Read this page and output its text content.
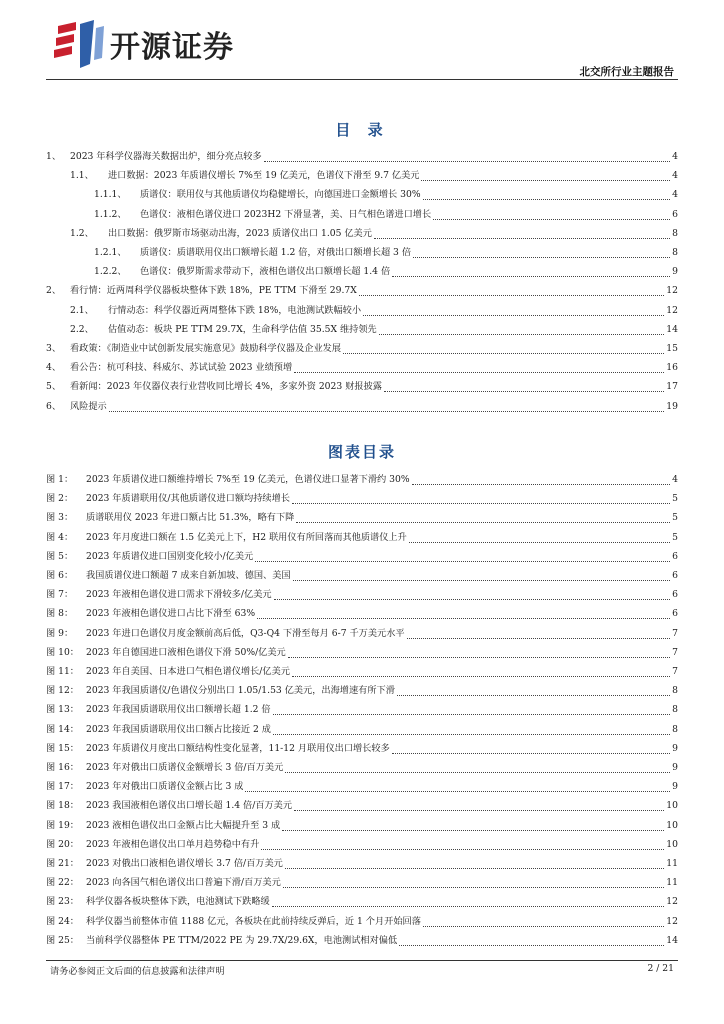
开源证券
北交所行业主题报告
目 录
1、 2023 年科学仪器海关数据出炉，细分亮点较多	4
1.1、	进口数据：2023 年质谱仪增长 7%至 19 亿美元，色谱仪下滑至 9.7 亿美元	4
1.1.1、	质谱仪：联用仪与其他质谱仪均稳健增长，向德国进口金额增长 30%	4
1.1.2、	色谱仪：液相色谱仪进口 2023H2 下滑显著，美、日气相色谱进口增长	6
1.2、	出口数据：俄罗斯市场驱动出海，2023 质谱仪出口 1.05 亿美元	8
1.2.1、	质谱仪：质谱联用仪出口额增长超 1.2 倍，对俄出口额增长超 3 倍	8
1.2.2、	色谱仪：俄罗斯需求带动下，液相色谱仪出口额增长超 1.4 倍	9
2、 看行情：近两周科学仪器板块整体下跌 18%，PE TTM 下滑至 29.7X	12
2.1、	行情动态：科学仪器近两周整体下跌 18%，电池测试跌幅较小	12
2.2、	估值动态：板块 PE TTM 29.7X，生命科学估值 35.5X 维持领先	14
3、 看政策：《制造业中试创新发展实施意见》鼓励科学仪器及企业发展	15
4、 看公告：杭可科技、科威尔、苏试试验 2023 业绩预增	16
5、 看新闻：2023 年仪器仪表行业营收同比增长 4%，多家外资 2023 财报披露	17
6、 风险提示	19
图表目录
图 1：	2023 年质谱仪进口额维持增长 7%至 19 亿美元，色谱仪进口显著下滑约 30%	4
图 2：	2023 年质谱联用仪/其他质谱仪进口额均持续增长	5
图 3：	质谱联用仪 2023 年进口额占比 51.3%，略有下降	5
图 4：	2023 年月度进口额在 1.5 亿美元上下，H2 联用仪有所回落而其他质谱仪上升	5
图 5：	2023 年质谱仪进口国别变化较小/亿美元	6
图 6：	我国质谱仪进口额超 7 成来自新加坡、德国、美国	6
图 7：	2023 年液相色谱仪进口需求下滑较多/亿美元	6
图 8：	2023 年液相色谱仪进口占比下滑至 63%	6
图 9：	2023 年进口色谱仪月度金额前高后低，Q3-Q4 下滑至每月 6-7 千万美元水平	7
图 10： 2023 年自德国进口液相色谱仪下滑 50%/亿美元	7
图 11： 2023 年自美国、日本进口气相色谱仪增长/亿美元	7
图 12： 2023 年我国质谱仪/色谱仪分别出口 1.05/1.53 亿美元，出海增速有所下滑	8
图 13： 2023 年我国质谱联用仪出口额增长超 1.2 倍	8
图 14： 2023 年我国质谱联用仪出口额占比接近 2 成	8
图 15： 2023 年质谱仪月度出口额结构性变化显著，11-12 月联用仪出口增长较多	9
图 16： 2023 年对俄出口质谱仪金额增长 3 倍/百万美元	9
图 17： 2023 年对俄出口质谱仪金额占比 3 成	9
图 18： 2023 我国液相色谱仪出口增长超 1.4 倍/百万美元	10
图 19： 2023 液相色谱仪出口金额占比大幅提升至 3 成	10
图 20： 2023 年液相色谱仪出口单月趋势稳中有升	10
图 21： 2023 对俄出口液相色谱仪增长 3.7 倍/百万美元	11
图 22： 2023 向各国气相色谱仪出口普遍下滑/百万美元	11
图 23： 科学仪器各板块整体下跌，电池测试下跌略缓	12
图 24： 科学仪器当前整体市值 1188 亿元，各板块在此前持续反弹后，近 1 个月开始回落	12
图 25： 当前科学仪器整体 PE TTM/2022 PE 为 29.7X/29.6X，电池测试相对偏低	14
请务必参阅正文后面的信息披露和法律声明	2 / 21
